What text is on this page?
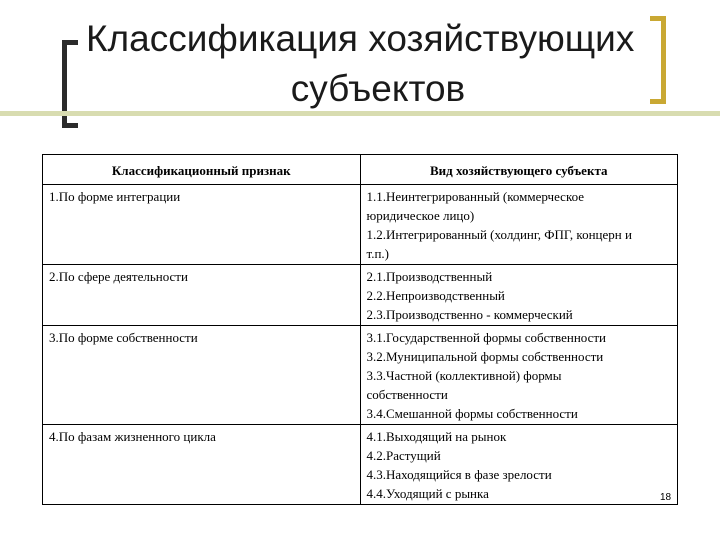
Классификация хозяйствующих
субъектов
Классификационный признак	Вид хозяйствующего субъекта
1.По форме интеграции	1.1.Неинтегрированный (коммерческое
юридическое лицо)
1.2.Интегрированный (холдинг, ФПГ, концерн и
т.п.)

2.По сфере деятельности	2.1.Производственный
2.2.Непроизводственный
2.3.Производственно - коммерческий

3.По форме собственности	3.1.Государственной формы собственности
3.2.Муниципальной формы собственности
3.3.Частной (коллективной) формы
собственности
3.4.Смешанной формы собственности

4.По фазам жизненного цикла	4.1.Выходящий на рынок
4.2.Растущий
4.3.Находящийся в фазе зрелости
4.4.Уходящий с рынка	18
